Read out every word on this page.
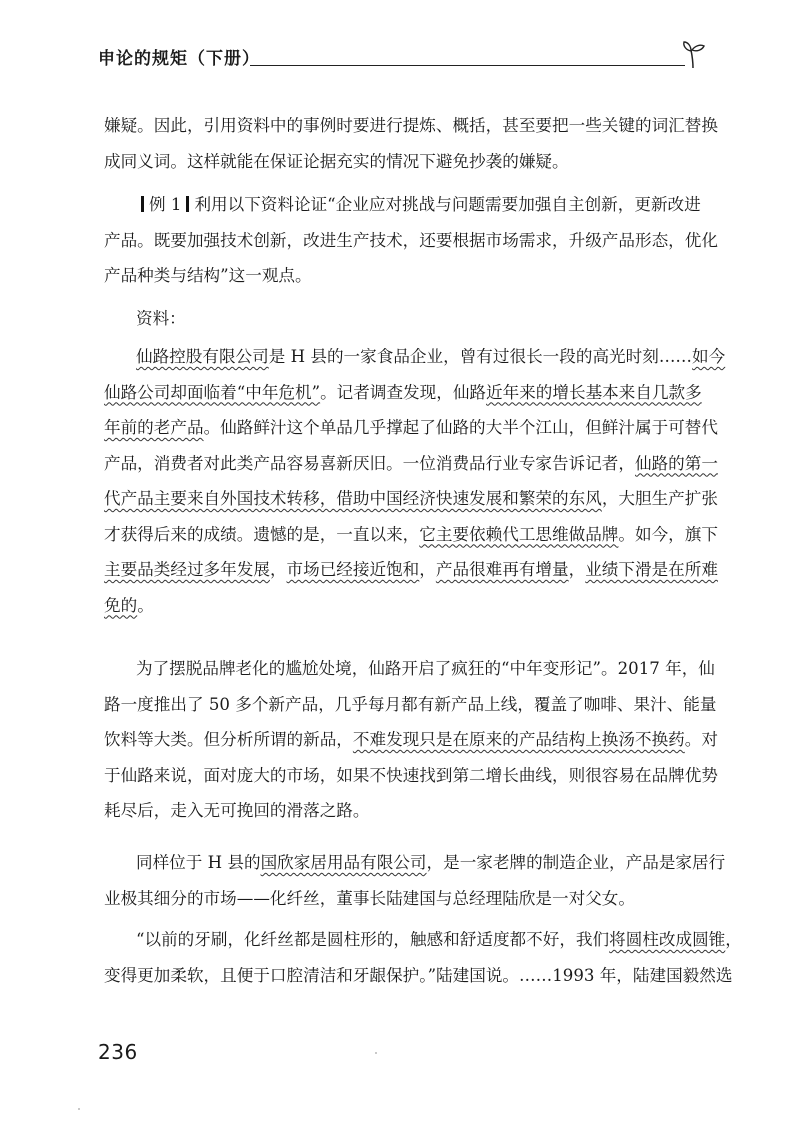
申论的规矩（下册）
嫌疑。因此，引用资料中的事例时要进行提炼、概括，甚至要把一些关键的词汇替换
成同义词。这样就能在保证论据充实的情况下避免抄袭的嫌疑。
例 1 利用以下资料论证“企业应对挑战与问题需要加强自主创新，更新改进
产品。既要加强技术创新，改进生产技术，还要根据市场需求，升级产品形态，优化
产品种类与结构”这一观点。
资料：
仙路控股有限公司是 H 县的一家食品企业，曾有过很长一段的高光时刻……如今
仙路公司却面临着“中年危机”。记者调查发现，仙路近年来的增长基本来自几款多
年前的老产品。仙路鲜汁这个单品几乎撑起了仙路的大半个江山，但鲜汁属于可替代
产品，消费者对此类产品容易喜新厌旧。一位消费品行业专家告诉记者，仙路的第一
代产品主要来自外国技术转移，借助中国经济快速发展和繁荣的东风，大胆生产扩张
才获得后来的成绩。遗憾的是，一直以来，它主要依赖代工思维做品牌。如今，旗下
主要品类经过多年发展，市场已经接近饱和，产品很难再有增量，业绩下滑是在所难
免的。
为了摆脱品牌老化的尴尬处境，仙路开启了疯狂的“中年变形记”。2017 年，仙
路一度推出了 50 多个新产品，几乎每月都有新产品上线，覆盖了咖啡、果汁、能量
饮料等大类。但分析所谓的新品，不难发现只是在原来的产品结构上换汤不换药。对
于仙路来说，面对庞大的市场，如果不快速找到第二增长曲线，则很容易在品牌优势
耗尽后，走入无可挽回的滑落之路。
同样位于 H 县的国欣家居用品有限公司，是一家老牌的制造企业，产品是家居行
业极其细分的市场——化纤丝，董事长陆建国与总经理陆欣是一对父女。
“以前的牙刷，化纤丝都是圆柱形的，触感和舒适度都不好，我们将圆柱改成圆锥，
变得更加柔软，且便于口腔清洁和牙龈保护。”陆建国说。……1993 年，陆建国毅然选
236
